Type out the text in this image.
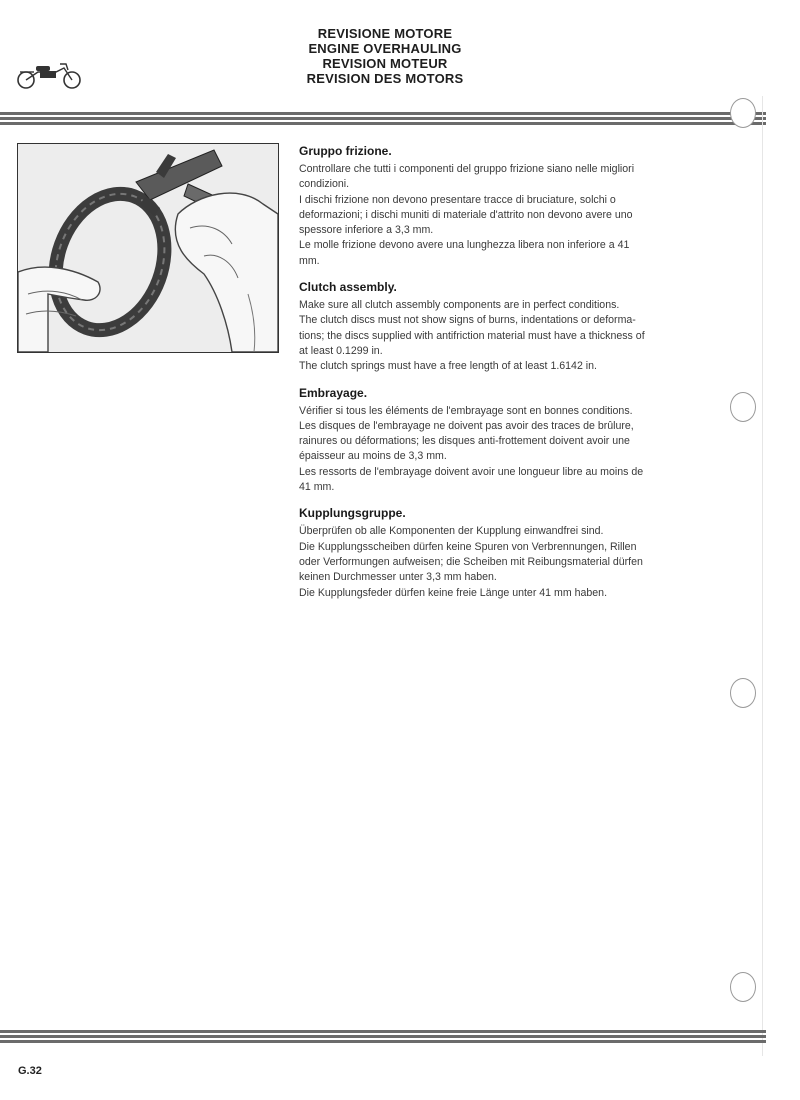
REVISIONE MOTORE
ENGINE OVERHAULING
REVISION MOTEUR
REVISION DES MOTORS
Gruppo frizione.
Controllare che tutti i componenti del gruppo frizione siano nelle migliori
condizioni.
I dischi frizione non devono presentare tracce di bruciature, solchi o
deformazioni; i dischi muniti di materiale d'attrito non devono avere uno
spessore inferiore a 3,3 mm.
Le molle frizione devono avere una lunghezza libera non inferiore a 41
mm.
Clutch assembly.
Make sure all clutch assembly components are in perfect conditions.
The clutch discs must not show signs of burns, indentations or deforma-
tions; the discs supplied with antifriction material must have a thickness of
at least 0.1299 in.
The clutch springs must have a free length of at least 1.6142 in.
Embrayage.
Vérifier si tous les éléments de l'embrayage sont en bonnes conditions.
Les disques de l'embrayage ne doivent pas avoir des traces de brûlure,
rainures ou déformations; les disques anti-frottement doivent avoir une
épaisseur au moins de 3,3 mm.
Les ressorts de l'embrayage doivent avoir une longueur libre au moins de
41 mm.
Kupplungsgruppe.
Überprüfen ob alle Komponenten der Kupplung einwandfrei sind.
Die Kupplungsscheiben dürfen keine Spuren von Verbrennungen, Rillen
oder Verformungen aufweisen; die Scheiben mit Reibungsmaterial dürfen
keinen Durchmesser unter 3,3 mm haben.
Die Kupplungsfeder dürfen keine freie Länge unter 41 mm haben.
G.32
